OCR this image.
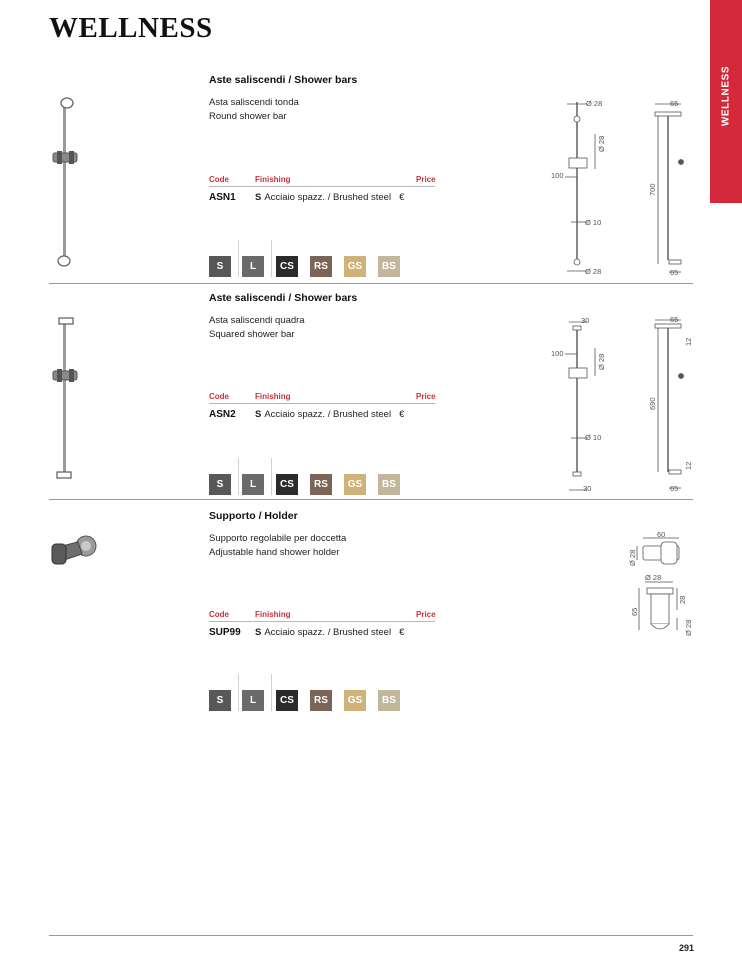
WELLNESS
WELLNESS
Aste saliscendi / Shower bars
Asta saliscendi tonda
Round shower bar
Code	Finishing	Price
ASN1 S Acciaio spazz. / Brushed steel €
S	L	CS	RS	GS	BS
Ø 28
Ø 28
100
Ø 10
Ø 28
65
700
65
Aste saliscendi / Shower bars
Asta saliscendi quadra
Squared shower bar
Code	Finishing	Price
ASN2 S Acciaio spazz. / Brushed steel €
S	L	CS	RS	GS	BS
30
Ø 28
100
Ø 10
30
65
690
12
12
65
Supporto / Holder
Supporto regolabile per doccetta
Adjustable hand shower holder
Code	Finishing	Price
SUP99 S Acciaio spazz. / Brushed steel €
S	L	CS	RS	GS	BS
60
Ø 28
Ø 28
28
65
Ø 28
291
